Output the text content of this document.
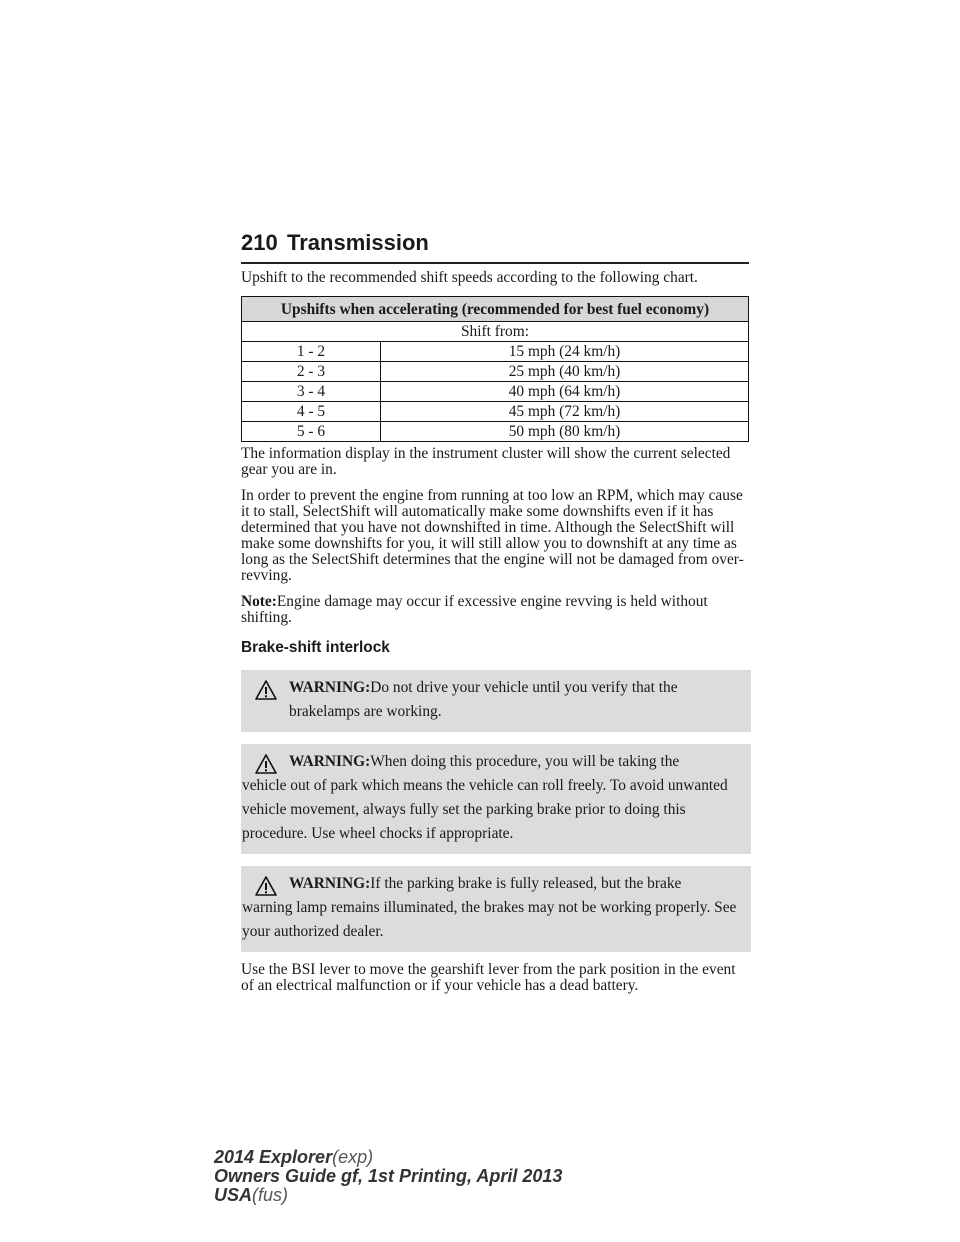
210 Transmission

Upshift to the recommended shift speeds according to the following chart.

Upshifts when accelerating (recommended for best fuel economy)	
Shift from:	
1 - 2	15 mph (24 km/h)
2 - 3	25 mph (40 km/h)
3 - 4	40 mph (64 km/h)
4 - 5	45 mph (72 km/h)
5 - 6	50 mph (80 km/h)

The information display in the instrument cluster will show the current selected gear you are in.

In order to prevent the engine from running at too low an RPM, which may cause it to stall, SelectShift will automatically make some downshifts even if it has determined that you have not downshifted in time. Although the SelectShift will make some downshifts for you, it will still allow you to downshift at any time as long as the SelectShift determines that the engine will not be damaged from over-revving.

Note:Engine damage may occur if excessive engine revving is held without shifting.

Brake-shift interlock
WARNING:Do not drive your vehicle until you verify that the
brakelamps are working.
WARNING:When doing this procedure, you will be taking the
vehicle out of park which means the vehicle can roll freely. To avoid unwanted vehicle movement, always fully set the parking brake prior to doing this procedure. Use wheel chocks if appropriate.
WARNING:If the parking brake is fully released, but the brake
warning lamp remains illuminated, the brakes may not be working properly. See your authorized dealer.

Use the BSI lever to move the gearshift lever from the park position in the event of an electrical malfunction or if your vehicle has a dead battery.

2014 Explorer(exp)
Owners Guide gf, 1st Printing, April 2013
USA(fus)
